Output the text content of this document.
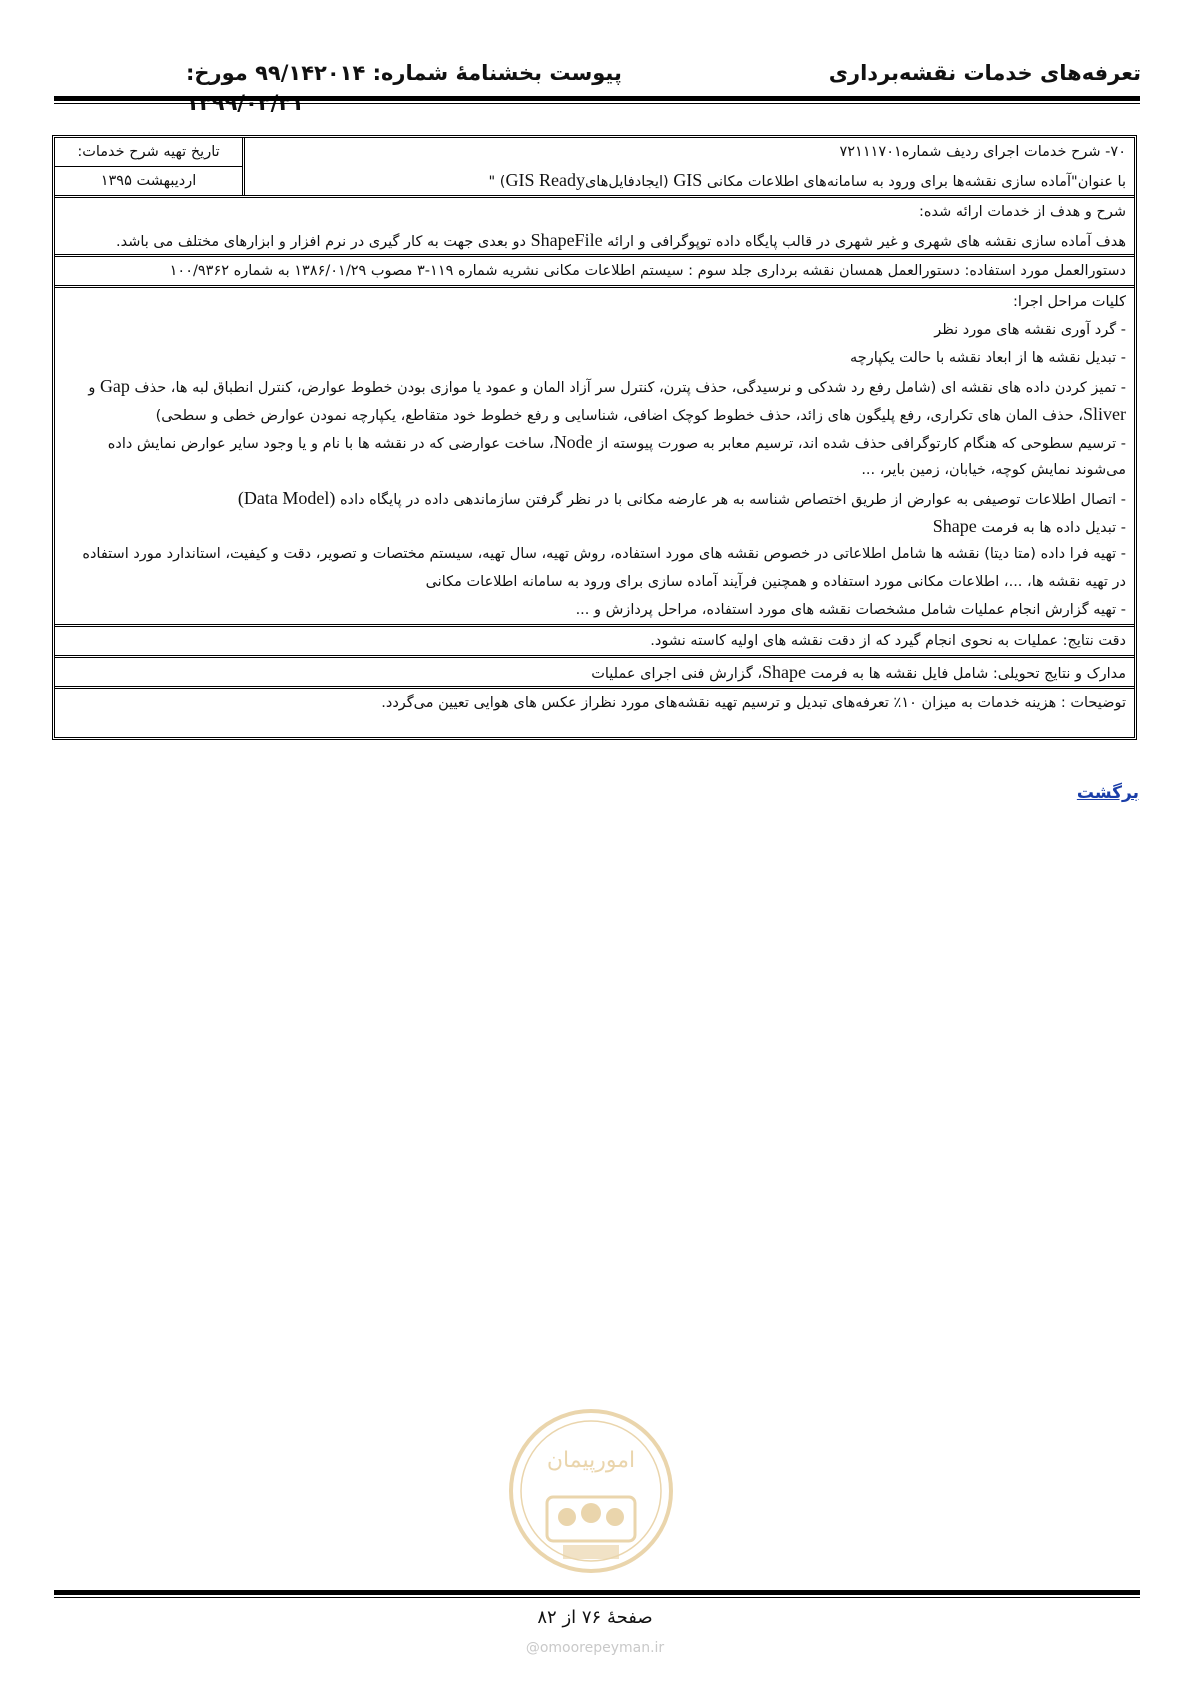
تعرفه‌های خدمات نقشه‌برداری
پیوست بخشنامهٔ شماره: ۹۹/۱۴۲۰۱۴ مورخ:
۷۰- شرح خدمات اجرای ردیف شماره۷۲۱۱۱۷۰۱
با عنوان"آماده سازی نقشه‌ها برای ورود به سامانه‌های اطلاعات مکانی GIS (ایجادفایل‌هایGIS Ready) "
تاریخ تهیه شرح خدمات:
اردیبهشت ۱۳۹۵
شرح و هدف از خدمات ارائه شده:
هدف آماده سازی نقشه های شهری و غیر شهری در قالب پایگاه داده توپوگرافی و ارائه ShapeFile دو بعدی جهت به کار گیری در نرم افزار و ابزارهای مختلف می باشد.
دستورالعمل مورد استفاده: دستورالعمل همسان نقشه برداری جلد سوم : سیستم اطلاعات مکانی نشریه شماره ۱۱۹-۳ مصوب ۱۳۸۶/۰۱/۲۹ به شماره ۱۰۰/۹۳۶۲
کلیات مراحل اجرا:
- گرد آوری نقشه های مورد نظر
- تبدیل نقشه ها از ابعاد نقشه با حالت یکپارچه
- تمیز کردن داده های نقشه ای (شامل رفع رد شدکی و نرسیدگی، حذف پترن، کنترل سر آزاد المان و عمود یا موازی بودن خطوط عوارض، کنترل انطباق لبه ها، حذف Gap و
Sliver، حذف المان های تکراری، رفع پلیگون های زائد، حذف خطوط کوچک اضافی، شناسایی و رفع خطوط خود متقاطع، یکپارچه نمودن عوارض خطی و سطحی)
- ترسیم سطوحی که هنگام کارتوگرافی حذف شده اند، ترسیم معابر به صورت پیوسته از Node، ساخت عوارضی که در نقشه ها با نام و یا وجود سایر عوارض نمایش داده
می‌شوند نمایش کوچه، خیابان، زمین بایر، ...
- اتصال اطلاعات توصیفی به عوارض از طریق اختصاص شناسه به هر عارضه مکانی با در نظر گرفتن سازماندهی داده در پایگاه داده (Data Model)
- تبدیل داده ها به فرمت Shape
- تهیه فرا داده (متا دیتا) نقشه ها شامل اطلاعاتی در خصوص نقشه های مورد استفاده، روش تهیه، سال تهیه، سیستم مختصات و تصویر، دقت و کیفیت، استاندارد مورد استفاده
در تهیه نقشه ها، ...، اطلاعات مکانی مورد استفاده و همچنین فرآیند آماده سازی برای ورود به سامانه اطلاعات مکانی
- تهیه گزارش انجام عملیات شامل مشخصات نقشه های مورد استفاده، مراحل پردازش و ...
دقت نتایج: عملیات به نحوی انجام گیرد که از دقت نقشه های اولیه کاسته نشود.
مدارک و نتایج تحویلی: شامل فایل نقشه ها به فرمت Shape، گزارش فنی اجرای عملیات
توضیحات : هزینه خدمات به میزان ۱۰٪ تعرفه‌های تبدیل و ترسیم تهیه نقشه‌های مورد نظراز عکس های هوایی تعیین می‌گردد.
برگشت
امورپیمان
صفحهٔ ۷۶ از ۸۲
@omoorepeyman.ir
